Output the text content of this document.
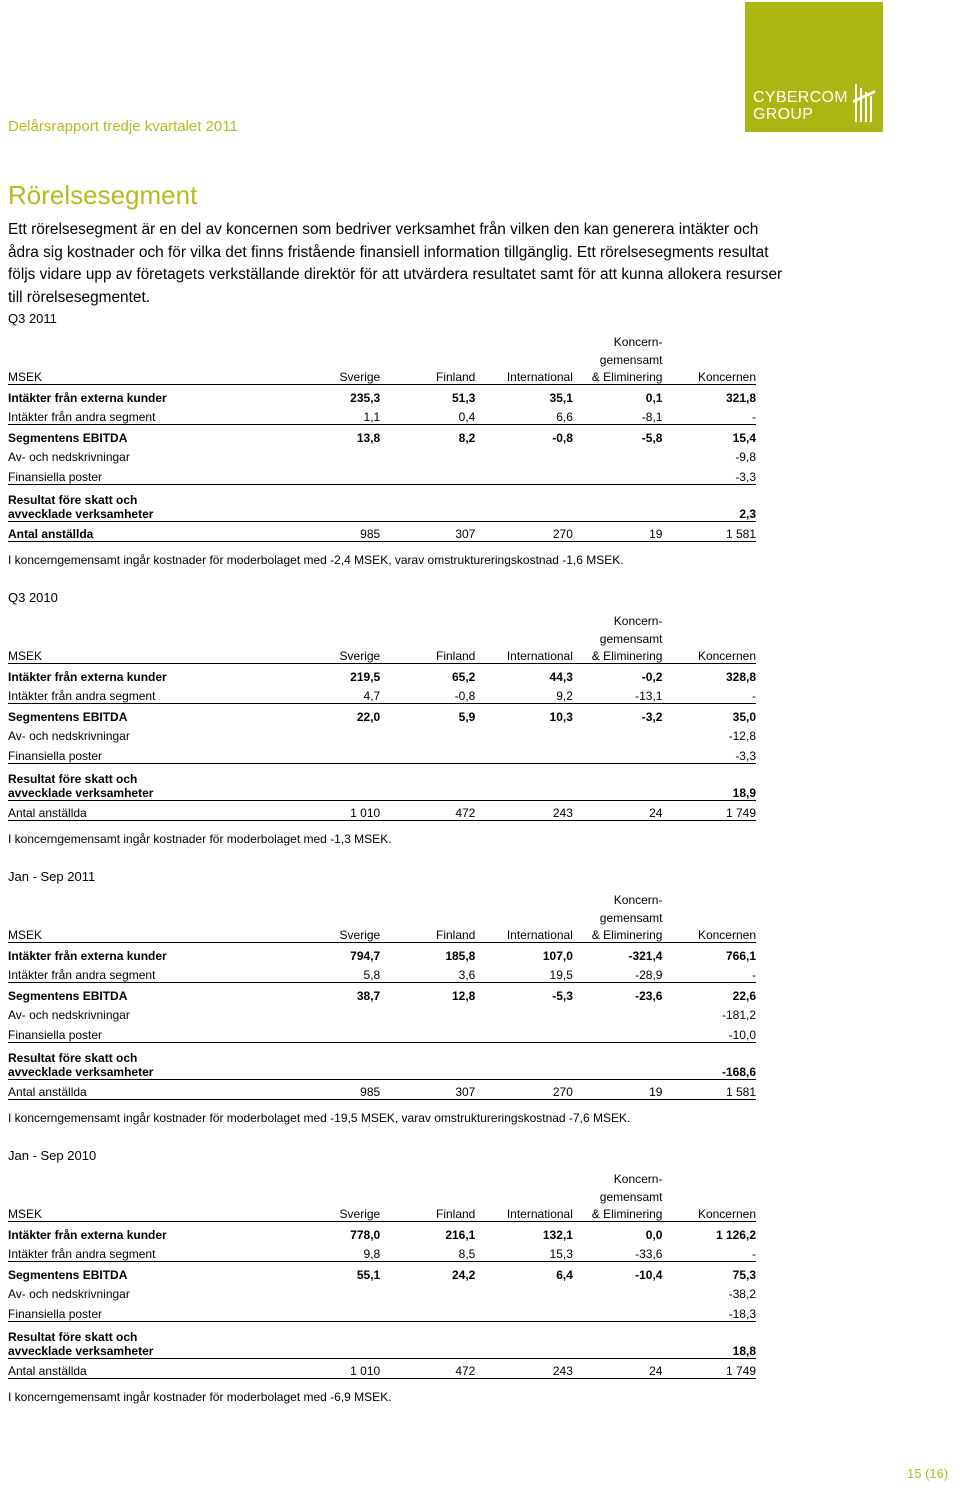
Delårsrapport tredje kvartalet 2011
CYBERCOM
GROUP
Rörelsesegment

Ett rörelsesegment är en del av koncernen som bedriver verksamhet från vilken den kan generera intäkter och

ådra sig kostnader och för vilka det finns fristående finansiell information tillgänglig. Ett rörelsesegments resultat

följs vidare upp av företagets verkställande direktör för att utvärdera resultatet samt för att kunna allokera resurser

till rörelsesegmentet.

Q3 2011
				Koncern-	
				gemensamt	
MSEK	Sverige	Finland	International	& Eliminering	Koncernen
Intäkter från externa kunder	235,3	51,3	35,1	0,1	321,8
Intäkter från andra segment	1,1	0,4	6,6	-8,1	-
Segmentens EBITDA	13,8	8,2	-0,8	-5,8	15,4
Av- och nedskrivningar					-9,8
Finansiella poster					-3,3

Resultat före skatt och
avvecklade verksamheter					2,3
Antal anställda	985	307	270	19	1 581
I koncerngemensamt ingår kostnader för moderbolaget med -2,4 MSEK, varav omstruktureringskostnad -1,6 MSEK.
Q3 2010
				Koncern-	
				gemensamt	
MSEK	Sverige	Finland	International	& Eliminering	Koncernen
Intäkter från externa kunder	219,5	65,2	44,3	-0,2	328,8
Intäkter från andra segment	4,7	-0,8	9,2	-13,1	-
Segmentens EBITDA	22,0	5,9	10,3	-3,2	35,0
Av- och nedskrivningar					-12,8
Finansiella poster					-3,3

Resultat före skatt och
avvecklade verksamheter					18,9
Antal anställda	1 010	472	243	24	1 749
I koncerngemensamt ingår kostnader för moderbolaget med -1,3 MSEK.
Jan - Sep 2011
				Koncern-	
				gemensamt	
MSEK	Sverige	Finland	International	& Eliminering	Koncernen
Intäkter från externa kunder	794,7	185,8	107,0	-321,4	766,1
Intäkter från andra segment	5,8	3,6	19,5	-28,9	-
Segmentens EBITDA	38,7	12,8	-5,3	-23,6	22,6
Av- och nedskrivningar					-181,2
Finansiella poster					-10,0

Resultat före skatt och
avvecklade verksamheter					-168,6
Antal anställda	985	307	270	19	1 581
I koncerngemensamt ingår kostnader för moderbolaget med -19,5 MSEK, varav omstruktureringskostnad -7,6 MSEK.
Jan - Sep 2010
				Koncern-	
				gemensamt	
MSEK	Sverige	Finland	International	& Eliminering	Koncernen
Intäkter från externa kunder	778,0	216,1	132,1	0,0	1 126,2
Intäkter från andra segment	9,8	8,5	15,3	-33,6	-
Segmentens EBITDA	55,1	24,2	6,4	-10,4	75,3
Av- och nedskrivningar					-38,2
Finansiella poster					-18,3

Resultat före skatt och
avvecklade verksamheter					18,8
Antal anställda	1 010	472	243	24	1 749
I koncerngemensamt ingår kostnader för moderbolaget med -6,9 MSEK.
15 (16)
